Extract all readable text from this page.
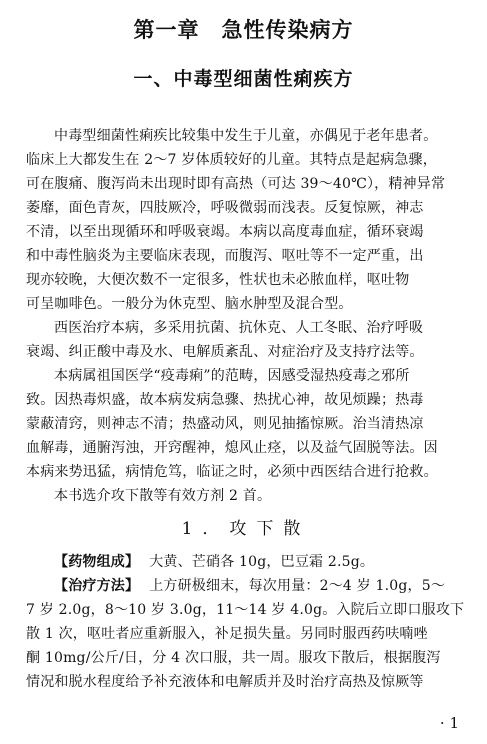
第一章　急性传染病方
一、中毒型细菌性痢疾方
中毒型细菌性痢疾比较集中发生于儿童，亦偶见于老年患者。
临床上大都发生在 2～7 岁体质较好的儿童。其特点是起病急骤，
可在腹痛、腹泻尚未出现时即有高热（可达 39～40℃），精神异常
萎靡，面色青灰，四肢厥冷，呼吸微弱而浅表。反复惊厥，神志
不清，以至出现循环和呼吸衰竭。本病以高度毒血症，循环衰竭
和中毒性脑炎为主要临床表现，而腹泻、呕吐等不一定严重，出
现亦较晚，大便次数不一定很多，性状也未必脓血样，呕吐物
可呈咖啡色。一般分为休克型、脑水肿型及混合型。
西医治疗本病，多采用抗菌、抗休克、人工冬眠、治疗呼吸
衰竭、纠正酸中毒及水、电解质紊乱、对症治疗及支持疗法等。
本病属祖国医学“疫毒痢”的范畴，因感受湿热疫毒之邪所
致。因热毒炽盛，故本病发病急骤、热扰心神，故见烦躁；热毒
蒙蔽清窍，则神志不清；热盛动风，则见抽搐惊厥。治当清热凉
血解毒，通腑泻浊，开窍醒神，熄风止痉，以及益气固脱等法。因
本病来势迅猛，病情危笃，临证之时，必须中西医结合进行抢救。
本书选介攻下散等有效方剂 2 首。
1．攻下散
【药物组成】 大黄、芒硝各 10g，巴豆霜 2.5g。
【治疗方法】 上方研极细末，每次用量：2～4 岁 1.0g，5～
7 岁 2.0g，8～10 岁 3.0g，11～14 岁 4.0g。入院后立即口服攻下
散 1 次，呕吐者应重新服入，补足损失量。另同时服西药呋喃唑
酮 10mg/公斤/日，分 4 次口服，共一周。服攻下散后，根据腹泻
情况和脱水程度给予补充液体和电解质并及时治疗高热及惊厥等
· 1
